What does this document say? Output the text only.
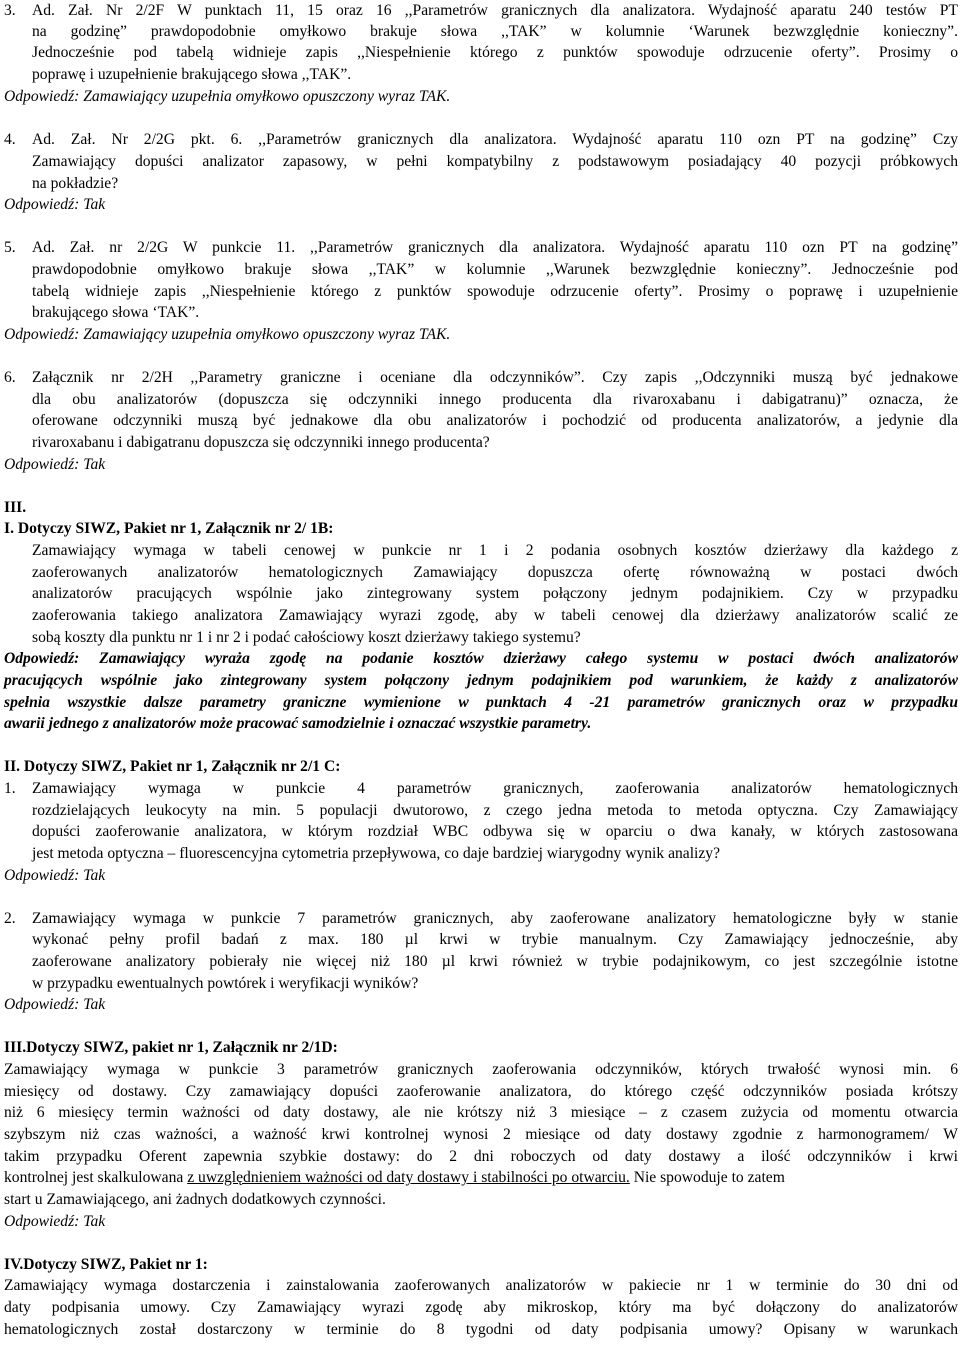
3.	Ad. Zał. Nr 2/2F W punktach 11, 15 oraz 16 ,,Parametrów granicznych dla analizatora. Wydajność aparatu 240 testów PT
na godzinę” prawdopodobnie omyłkowo brakuje słowa ,,TAK” w kolumnie ‘Warunek bezwzględnie konieczny”.
Jednocześnie pod tabelą widnieje zapis ,,Niespełnienie którego z punktów spowoduje odrzucenie oferty”. Prosimy o
poprawę i uzupełnienie brakującego słowa ,,TAK”.
Odpowiedź: Zamawiający uzupełnia omyłkowo opuszczony wyraz TAK.
4.	Ad. Zał. Nr 2/2G pkt. 6. ,,Parametrów granicznych dla analizatora. Wydajność aparatu 110 ozn PT na godzinę” Czy
Zamawiający dopuści analizator zapasowy, w pełni kompatybilny z podstawowym posiadający 40 pozycji próbkowych
na pokładzie?
Odpowiedź: Tak
5.	Ad. Zał. nr 2/2G W punkcie 11. ,,Parametrów granicznych dla analizatora. Wydajność aparatu 110 ozn PT na godzinę”
prawdopodobnie omyłkowo brakuje słowa ,,TAK” w kolumnie ,,Warunek bezwzględnie konieczny”. Jednocześnie pod
tabelą widnieje zapis ,,Niespełnienie którego z punktów spowoduje odrzucenie oferty”. Prosimy o poprawę i uzupełnienie
brakującego słowa ‘TAK”.
Odpowiedź: Zamawiający uzupełnia omyłkowo opuszczony wyraz TAK.
6.	Załącznik nr 2/2H ,,Parametry graniczne i oceniane dla odczynników”. Czy zapis ,,Odczynniki muszą być jednakowe
dla obu analizatorów (dopuszcza się odczynniki innego producenta dla rivaroxabanu i dabigatranu)” oznacza, że
oferowane odczynniki muszą być jednakowe dla obu analizatorów i pochodzić od producenta analizatorów, a jedynie dla
rivaroxabanu i dabigatranu dopuszcza się odczynniki innego producenta?
Odpowiedź: Tak
III.
I. Dotyczy SIWZ, Pakiet nr 1, Załącznik nr 2/ 1B:
Zamawiający wymaga w tabeli cenowej w punkcie nr 1 i 2 podania osobnych kosztów dzierżawy dla każdego z
zaoferowanych analizatorów hematologicznych Zamawiający dopuszcza ofertę równoważną w postaci dwóch
analizatorów pracujących wspólnie jako zintegrowany system połączony jednym podajnikiem. Czy w przypadku
zaoferowania takiego analizatora Zamawiający wyrazi zgodę, aby w tabeli cenowej dla dzierżawy analizatorów scalić ze
sobą koszty dla punktu nr 1 i nr 2 i podać całościowy koszt dzierżawy takiego systemu?
Odpowiedź: Zamawiający wyraża zgodę na podanie kosztów dzierżawy całego systemu w postaci dwóch analizatorów
pracujących wspólnie jako zintegrowany system połączony jednym podajnikiem pod warunkiem, że każdy z analizatorów
spełnia wszystkie dalsze parametry graniczne wymienione w punktach 4 -21 parametrów granicznych oraz w przypadku
awarii jednego z analizatorów może pracować samodzielnie i oznaczać wszystkie parametry.
II. Dotyczy SIWZ, Pakiet nr 1, Załącznik nr 2/1 C:
1.	Zamawiający wymaga w punkcie 4 parametrów granicznych, zaoferowania analizatorów hematologicznych
rozdzielających leukocyty na min. 5 populacji dwutorowo, z czego jedna metoda to metoda optyczna. Czy Zamawiający
dopuści zaoferowanie analizatora, w którym rozdział WBC odbywa się w oparciu o dwa kanały, w których zastosowana
jest metoda optyczna – fluorescencyjna cytometria przepływowa, co daje bardziej wiarygodny wynik analizy?
Odpowiedź: Tak
2.	Zamawiający wymaga w punkcie 7 parametrów granicznych, aby zaoferowane analizatory hematologiczne były w stanie
wykonać pełny profil badań z max. 180 µl krwi w trybie manualnym. Czy Zamawiający jednocześnie, aby
zaoferowane analizatory pobierały nie więcej niż 180 µl krwi również w trybie podajnikowym, co jest szczególnie istotne
w przypadku ewentualnych powtórek i weryfikacji wyników?
Odpowiedź: Tak
III.Dotyczy SIWZ, pakiet nr 1, Załącznik nr 2/1D:
Zamawiający wymaga w punkcie 3 parametrów granicznych zaoferowania odczynników, których trwałość wynosi min. 6
miesięcy od dostawy. Czy zamawiający dopuści zaoferowanie analizatora, do którego część odczynników posiada krótszy
niż 6 miesięcy termin ważności od daty dostawy, ale nie krótszy niż 3 miesiące – z czasem zużycia od momentu otwarcia
szybszym niż czas ważności, a ważność krwi kontrolnej wynosi 2 miesiące od daty dostawy zgodnie z harmonogramem/ W
takim przypadku Oferent zapewnia szybkie dostawy: do 2 dni roboczych od daty dostawy a ilość odczynników i krwi
kontrolnej jest skalkulowana z uwzględnieniem ważności od daty dostawy i stabilności po otwarciu. Nie spowoduje to zatem
start u Zamawiającego, ani żadnych dodatkowych czynności.
Odpowiedź: Tak
IV.Dotyczy SIWZ, Pakiet nr 1:
Zamawiający wymaga dostarczenia i zainstalowania zaoferowanych analizatorów w pakiecie nr 1 w terminie do 30 dni od
daty podpisania umowy. Czy Zamawiający wyrazi zgodę aby mikroskop, który ma być dołączony do analizatorów
hematologicznych został dostarczony w terminie do 8 tygodni od daty podpisania umowy? Opisany w warunkach
